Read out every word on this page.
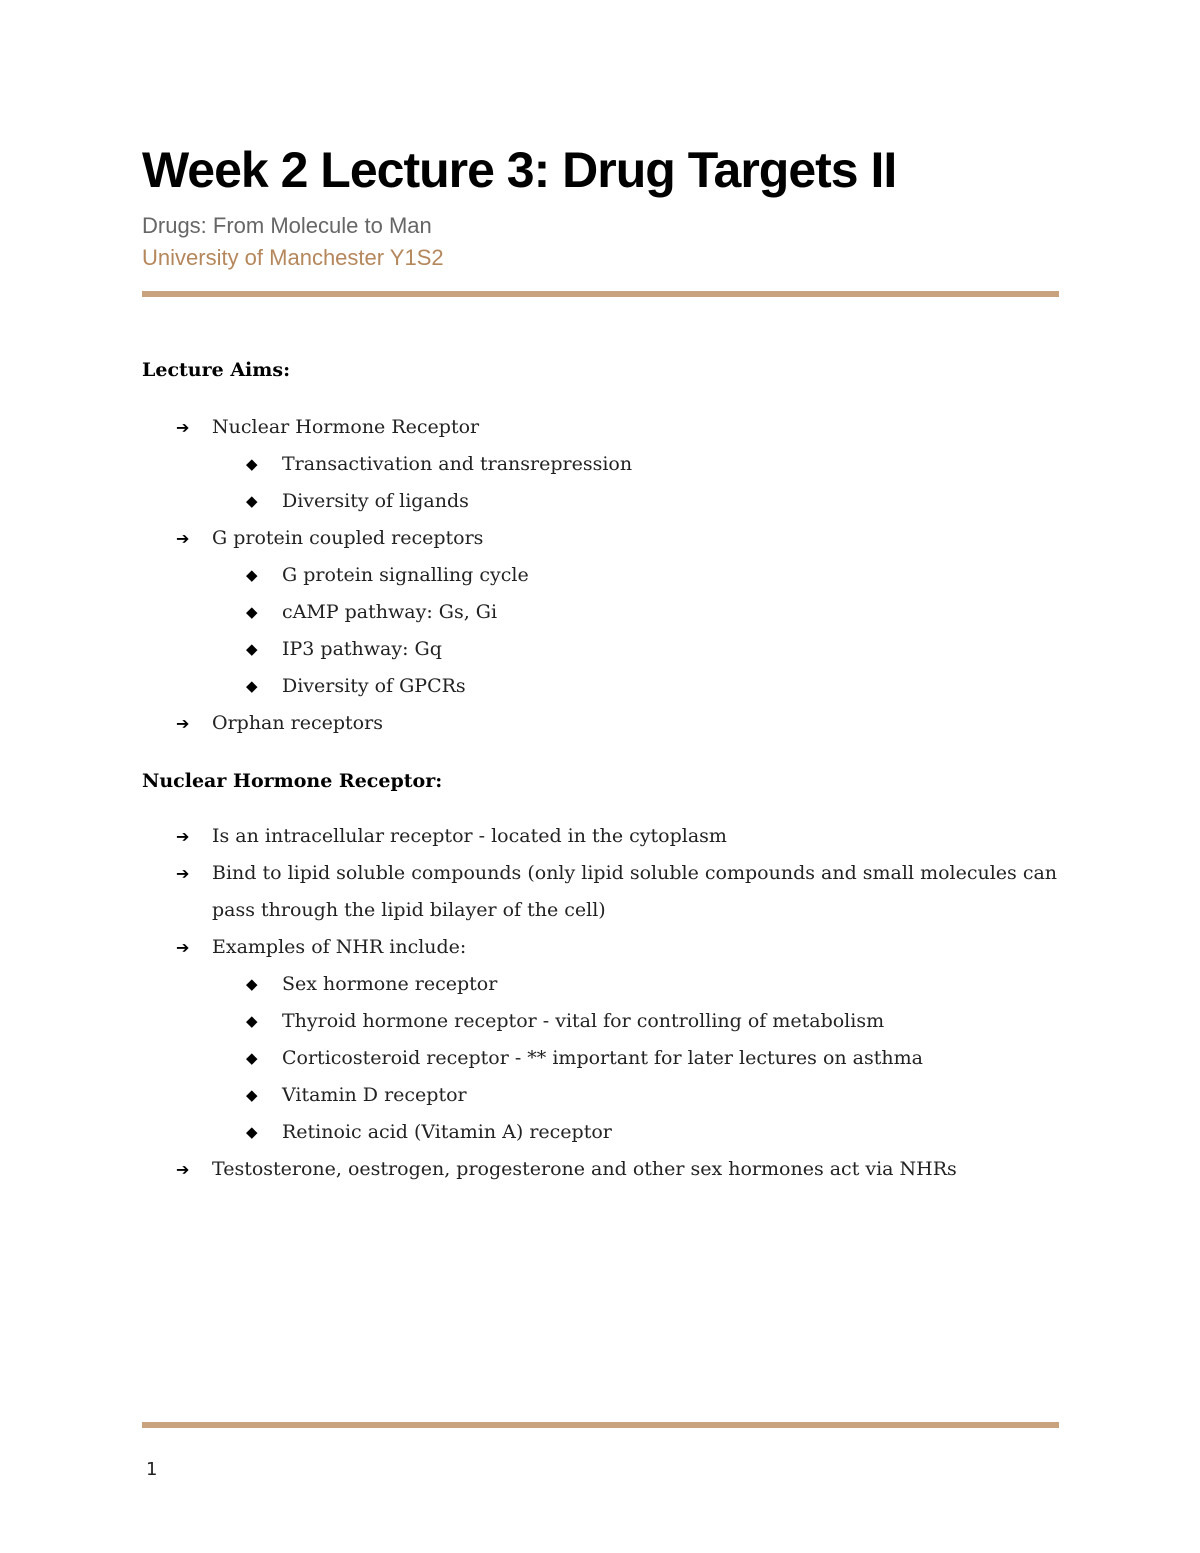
Week 2 Lecture 3: Drug Targets II
Drugs: From Molecule to Man
University of Manchester Y1S2
Lecture Aims:
➔ Nuclear Hormone Receptor
◆ Transactivation and transrepression
◆ Diversity of ligands
➔ G protein coupled receptors
◆ G protein signalling cycle
◆ cAMP pathway: Gs, Gi
◆ IP3 pathway: Gq
◆ Diversity of GPCRs
➔ Orphan receptors
Nuclear Hormone Receptor:
➔ Is an intracellular receptor - located in the cytoplasm
➔ Bind to lipid soluble compounds (only lipid soluble compounds and small molecules can
pass through the lipid bilayer of the cell)
➔ Examples of NHR include:
◆ Sex hormone receptor
◆ Thyroid hormone receptor - vital for controlling of metabolism
◆ Corticosteroid receptor - ** important for later lectures on asthma
◆ Vitamin D receptor
◆ Retinoic acid (Vitamin A) receptor
➔ Testosterone, oestrogen, progesterone and other sex hormones act via NHRs
1
